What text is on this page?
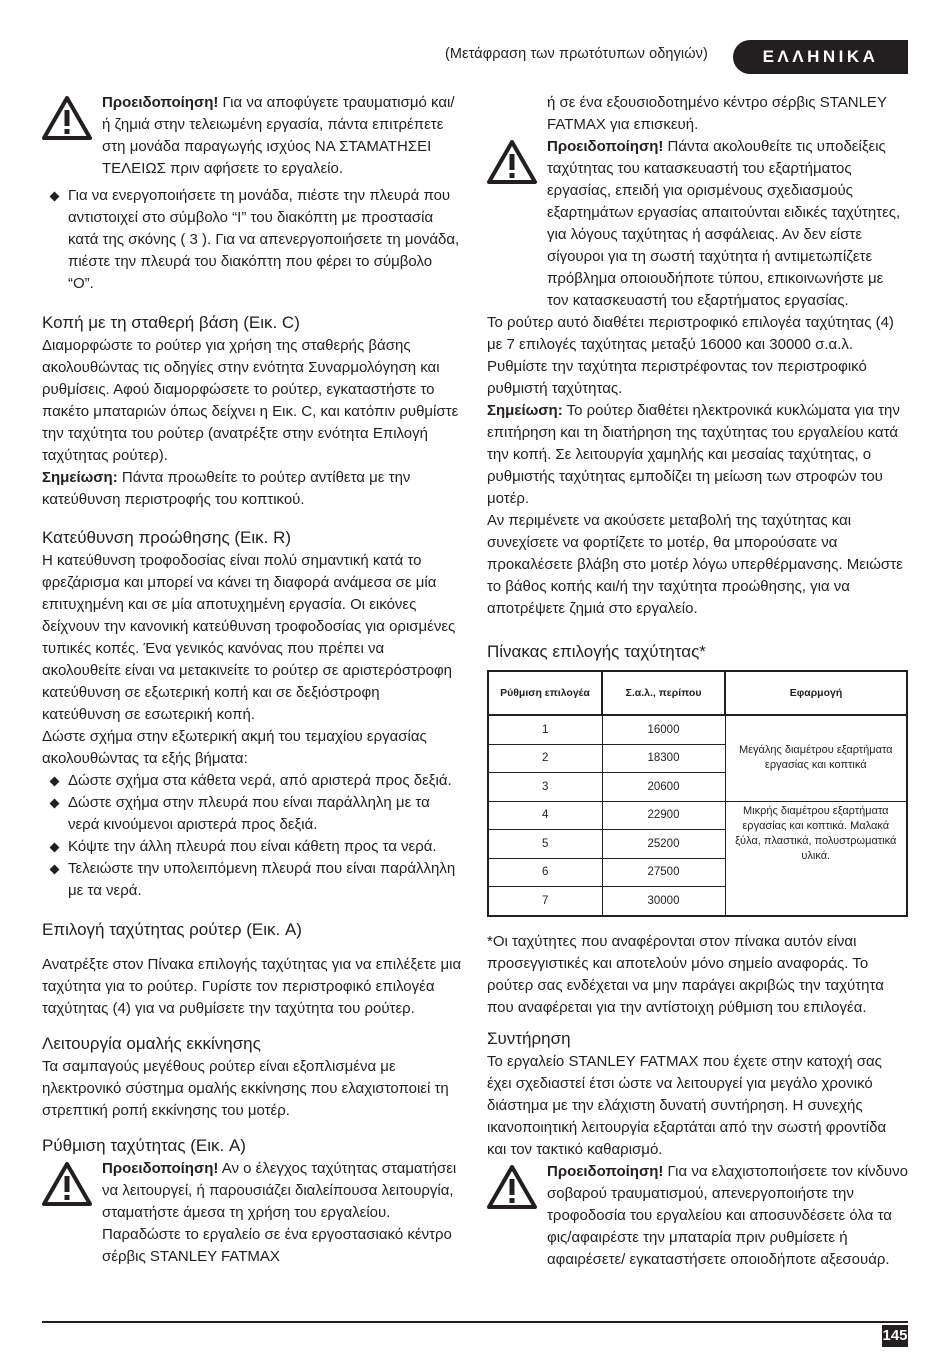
(Μετάφραση των πρωτότυπων οδηγιών)	ΕΛΛΗΝΙΚΑ

Προειδοποίηση! Για να αποφύγετε τραυματισμό και/ή ζημιά στην τελειωμένη εργασία, πάντα επιτρέπετε στη μονάδα παραγωγής ισχύος ΝΑ ΣΤΑΜΑΤΗΣΕΙ ΤΕΛΕΙΩΣ πριν αφήσετε το εργαλείο.

Για να ενεργοποιήσετε τη μονάδα, πιέστε την πλευρά που αντιστοιχεί στο σύμβολο “I” του διακόπτη με προστασία κατά της σκόνης ( 3 ). Για να απενεργοποιήσετε τη μονάδα, πιέστε την πλευρά του διακόπτη που φέρει το σύμβολο “O”.
Κοπή με τη σταθερή βάση (Εικ. C)

Διαμορφώστε το ρούτερ για χρήση της σταθερής βάσης ακολουθώντας τις οδηγίες στην ενότητα Συναρμολόγηση και ρυθμίσεις. Αφού διαμορφώσετε το ρούτερ, εγκαταστήστε το πακέτο μπαταριών όπως δείχνει η Εικ. C, και κατόπιν ρυθμίστε την ταχύτητα του ρούτερ (ανατρέξτε στην ενότητα Επιλογή ταχύτητας ρούτερ).

Σημείωση: Πάντα προωθείτε το ρούτερ αντίθετα με την κατεύθυνση περιστροφής του κοπτικού.

Κατεύθυνση προώθησης (Εικ. R)

Η κατεύθυνση τροφοδοσίας είναι πολύ σημαντική κατά το φρεζάρισμα και μπορεί να κάνει τη διαφορά ανάμεσα σε μία επιτυχημένη και σε μία αποτυχημένη εργασία. Οι εικόνες δείχνουν την κανονική κατεύθυνση τροφοδοσίας για ορισμένες τυπικές κοπές. Ένα γενικός κανόνας που πρέπει να ακολουθείτε είναι να μετακινείτε το ρούτερ σε αριστερόστροφη κατεύθυνση σε εξωτερική κοπή και σε δεξιόστροφη κατεύθυνση σε εσωτερική κοπή.

Δώστε σχήμα στην εξωτερική ακμή του τεμαχίου εργασίας ακολουθώντας τα εξής βήματα:

Δώστε σχήμα στα κάθετα νερά, από αριστερά προς δεξιά.
Δώστε σχήμα στην πλευρά που είναι παράλληλη με τα νερά κινούμενοι αριστερά προς δεξιά.
Κόψτε την άλλη πλευρά που είναι κάθετη προς τα νερά.
Τελειώστε την υπολειπόμενη πλευρά που είναι παράλληλη με τα νερά.
Επιλογή ταχύτητας ρούτερ (Εικ. A)

Ανατρέξτε στον Πίνακα επιλογής ταχύτητας για να επιλέξετε μια ταχύτητα για το ρούτερ. Γυρίστε τον περιστροφικό επιλογέα ταχύτητας (4) για να ρυθμίσετε την ταχύτητα του ρούτερ.

Λειτουργία ομαλής εκκίνησης

Τα σαμπαγούς μεγέθους ρούτερ είναι εξοπλισμένα με ηλεκτρονικό σύστημα ομαλής εκκίνησης που ελαχιστοποιεί τη στρεπτική ροπή εκκίνησης του μοτέρ.

Ρύθμιση ταχύτητας (Εικ. A)

Προειδοποίηση! Αν ο έλεγχος ταχύτητας σταματήσει να λειτουργεί, ή παρουσιάζει διαλείπουσα λειτουργία, σταματήστε άμεσα τη χρήση του εργαλείου. Παραδώστε το εργαλείο σε ένα εργοστασιακό κέντρο σέρβις STANLEY FATMAX

ή σε ένα εξουσιοδοτημένο κέντρο σέρβις STANLEY FATMAX για επισκευή.

Προειδοποίηση! Πάντα ακολουθείτε τις υποδείξεις ταχύτητας του κατασκευαστή του εξαρτήματος εργασίας, επειδή για ορισμένους σχεδιασμούς εξαρτημάτων εργασίας απαιτούνται ειδικές ταχύτητες, για λόγους ταχύτητας ή ασφάλειας. Αν δεν είστε σίγουροι για τη σωστή ταχύτητα ή αντιμετωπίζετε πρόβλημα οποιουδήποτε τύπου, επικοινωνήστε με τον κατασκευαστή του εξαρτήματος εργασίας.

Το ρούτερ αυτό διαθέτει περιστροφικό επιλογέα ταχύτητας (4) με 7 επιλογές ταχύτητας μεταξύ 16000 και 30000 σ.α.λ. Ρυθμίστε την ταχύτητα περιστρέφοντας τον περιστροφικό ρυθμιστή ταχύτητας.

Σημείωση: Το ρούτερ διαθέτει ηλεκτρονικά κυκλώματα για την επιτήρηση και τη διατήρηση της ταχύτητας του εργαλείου κατά την κοπή. Σε λειτουργία χαμηλής και μεσαίας ταχύτητας, ο ρυθμιστής ταχύτητας εμποδίζει τη μείωση των στροφών του μοτέρ.

Αν περιμένετε να ακούσετε μεταβολή της ταχύτητας και συνεχίσετε να φορτίζετε το μοτέρ, θα μπορούσατε να προκαλέσετε βλάβη στο μοτέρ λόγω υπερθέρμανσης. Μειώστε το βάθος κοπής και/ή την ταχύτητα προώθησης, για να αποτρέψετε ζημιά στο εργαλείο.

Πίνακας επιλογής ταχύτητας*
Ρύθμιση επιλογέα	Σ.α.λ., περίπου	Εφαρμογή
1	16000	Μεγάλης διαμέτρου εξαρτήματα εργασίας και κοπτικά
2	18300	
3	20600	
4	22900	Μικρής διαμέτρου εξαρτήματα εργασίας και κοπτικά. Μαλακά ξύλα, πλαστικά, πολυστρωματικά υλικά.
5	25200	
6	27500	
7	30000	

*Οι ταχύτητες που αναφέρονται στον πίνακα αυτόν είναι προσεγγιστικές και αποτελούν μόνο σημείο αναφοράς. Το ρούτερ σας ενδέχεται να μην παράγει ακριβώς την ταχύτητα που αναφέρεται για την αντίστοιχη ρύθμιση του επιλογέα.

Συντήρηση

Το εργαλείο STANLEY FATMAX που έχετε στην κατοχή σας έχει σχεδιαστεί έτσι ώστε να λειτουργεί για μεγάλο χρονικό διάστημα με την ελάχιστη δυνατή συντήρηση. Η συνεχής ικανοποιητική λειτουργία εξαρτάται από την σωστή φροντίδα και τον τακτικό καθαρισμό.

Προειδοποίηση! Για να ελαχιστοποιήσετε τον κίνδυνο σοβαρού τραυματισμού, απενεργοποιήστε την τροφοδοσία του εργαλείου και αποσυνδέσετε όλα τα φις/αφαιρέστε την μπαταρία πριν ρυθμίσετε ή αφαιρέσετε/ εγκαταστήσετε οποιοδήποτε αξεσουάρ.

145
